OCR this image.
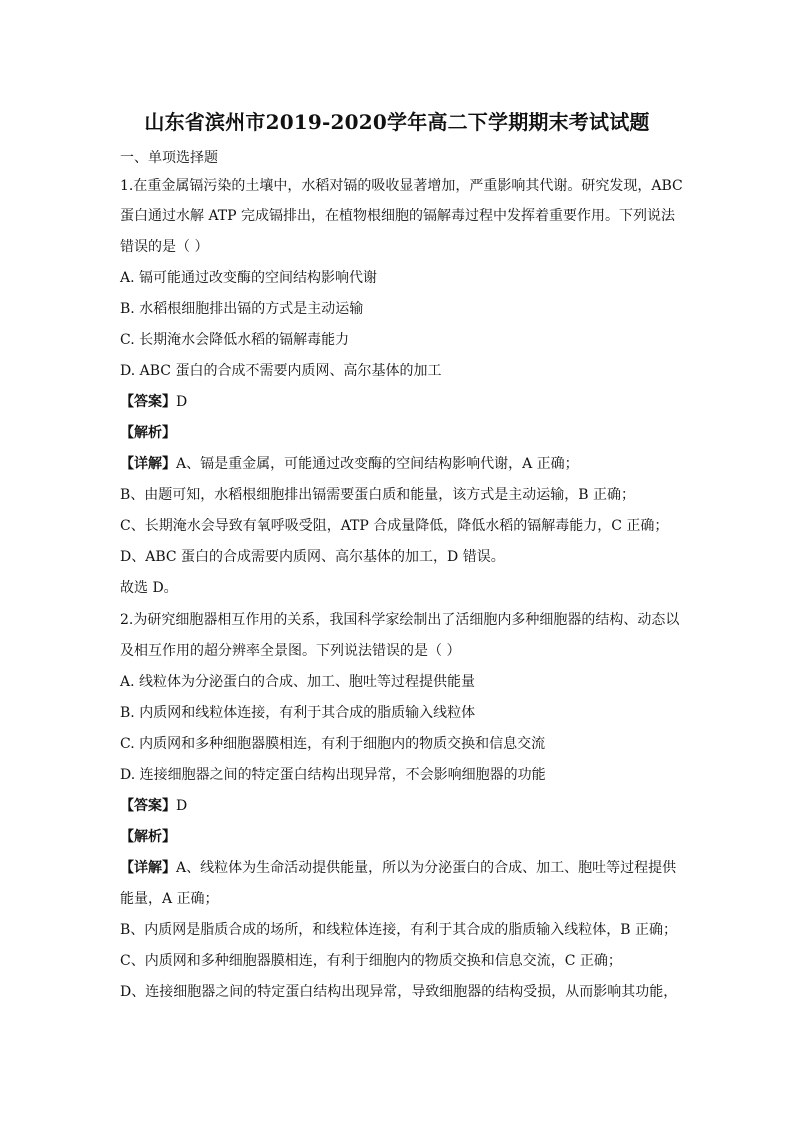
山东省滨州市2019-2020学年高二下学期期末考试试题
一、单项选择题
1.在重金属镉污染的土壤中，水稻对镉的吸收显著增加，严重影响其代谢。研究发现，ABC
蛋白通过水解 ATP 完成镉排出，在植物根细胞的镉解毒过程中发挥着重要作用。下列说法
错误的是（ ）
A. 镉可能通过改变酶的空间结构影响代谢
B. 水稻根细胞排出镉的方式是主动运输
C. 长期淹水会降低水稻的镉解毒能力
D. ABC 蛋白的合成不需要内质网、高尔基体的加工
【答案】D
【解析】
【详解】A、镉是重金属，可能通过改变酶的空间结构影响代谢，A 正确；
B、由题可知，水稻根细胞排出镉需要蛋白质和能量，该方式是主动运输，B 正确；
C、长期淹水会导致有氧呼吸受阻，ATP 合成量降低，降低水稻的镉解毒能力，C 正确；
D、ABC 蛋白的合成需要内质网、高尔基体的加工，D 错误。
故选 D。
2.为研究细胞器相互作用的关系，我国科学家绘制出了活细胞内多种细胞器的结构、动态以
及相互作用的超分辨率全景图。下列说法错误的是（ ）
A. 线粒体为分泌蛋白的合成、加工、胞吐等过程提供能量
B. 内质网和线粒体连接，有利于其合成的脂质输入线粒体
C. 内质网和多种细胞器膜相连，有利于细胞内的物质交换和信息交流
D. 连接细胞器之间的特定蛋白结构出现异常，不会影响细胞器的功能
【答案】D
【解析】
【详解】A、线粒体为生命活动提供能量，所以为分泌蛋白的合成、加工、胞吐等过程提供
能量，A 正确；
B、内质网是脂质合成的场所，和线粒体连接，有利于其合成的脂质输入线粒体，B 正确；
C、内质网和多种细胞器膜相连，有利于细胞内的物质交换和信息交流，C 正确；
D、连接细胞器之间的特定蛋白结构出现异常，导致细胞器的结构受损，从而影响其功能，
